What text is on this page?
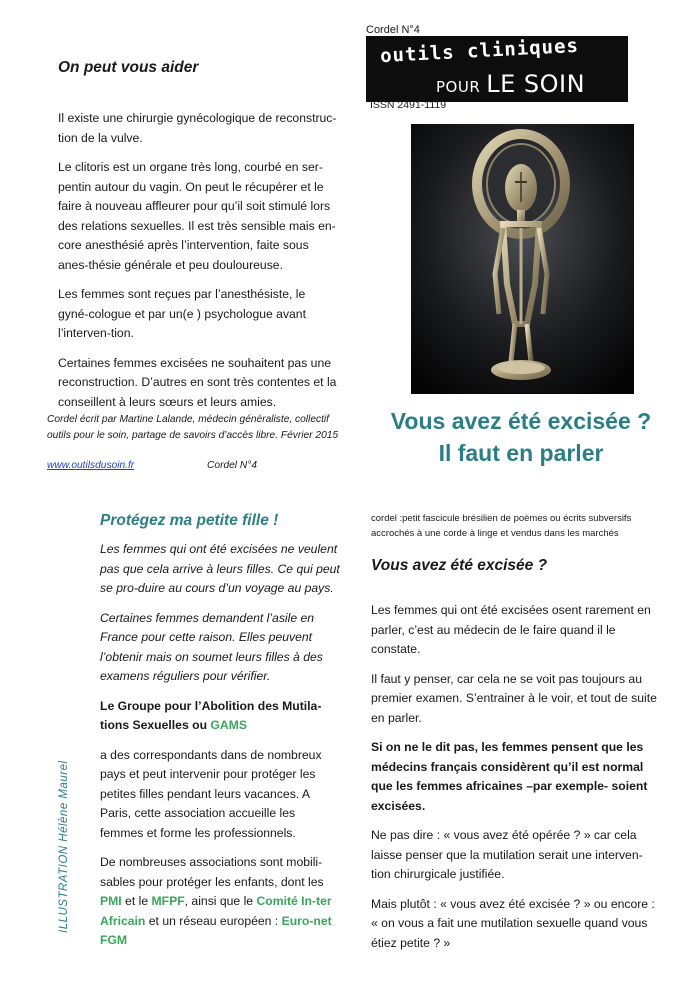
On peut vous aider

Il existe une chirurgie gynécologique de reconstruc-tion de la vulve.

Le clitoris est un organe très long, courbé en ser-pentin autour du vagin. On peut le récupérer et le faire à nouveau affleurer pour qu’il soit stimulé lors des relations sexuelles. Il est très sensible mais en-core anesthésié après l’intervention, faite sous anes-thésie générale et peu douloureuse.

Les femmes sont reçues par l’anesthésiste, le gyné-cologue et par un(e ) psychologue avant l’interven-tion.

Certaines femmes excisées ne souhaitent pas une reconstruction. D’autres en sont très contentes et la conseillent à leurs sœurs et leurs amies.

Cordel écrit par Martine Lalande, médecin généraliste, collectif outils pour le soin, partage de savoirs d’accès libre. Février 2015
www.outilsdusoin.fr	Cordel N°4
Cordel N°4
outils cliniques
POUR LE SOIN
ISSN 2491-1119
Vous avez été excisée ?
Il faut en parler
Protégez ma petite fille !

Les femmes qui ont été excisées ne veulent pas que cela arrive à leurs filles. Ce qui peut se pro-duire au cours d’un voyage au pays.

Certaines femmes demandent l’asile en France pour cette raison. Elles peuvent l’obtenir mais on soumet leurs filles à des examens réguliers pour vérifier.

Le Groupe pour l’Abolition des Mutila-tions Sexuelles ou GAMS

a des correspondants dans de nombreux pays et peut intervenir pour protéger les petites filles pendant leurs vacances. A Paris, cette association accueille les femmes et forme les professionnels.

De nombreuses associations sont mobili-sables pour protéger les enfants, dont les PMI et le MFPF, ainsi que le Comité In-ter Africain et un réseau européen : Euro-net FGM

ILLUSTRATION Hélène Maurel

cordel :petit fascicule brésilien de poèmes ou écrits subversifs accrochés à une corde à linge et vendus dans les marchés

Vous avez été excisée ?

Les femmes qui ont été excisées osent rarement en parler, c’est au médecin de le faire quand il le constate.

Il faut y penser, car cela ne se voit pas toujours au premier examen. S’entrainer à le voir, et tout de suite en parler.

Si on ne le dit pas, les femmes pensent que les médecins français considèrent qu’il est normal que les femmes africaines –par exemple- soient excisées.

Ne pas dire : « vous avez été opérée ? » car cela laisse penser que la mutilation serait une interven-tion chirurgicale justifiée.

Mais plutôt : « vous avez été excisée ? » ou encore : « on vous a fait une mutilation sexuelle quand vous étiez petite ? »
